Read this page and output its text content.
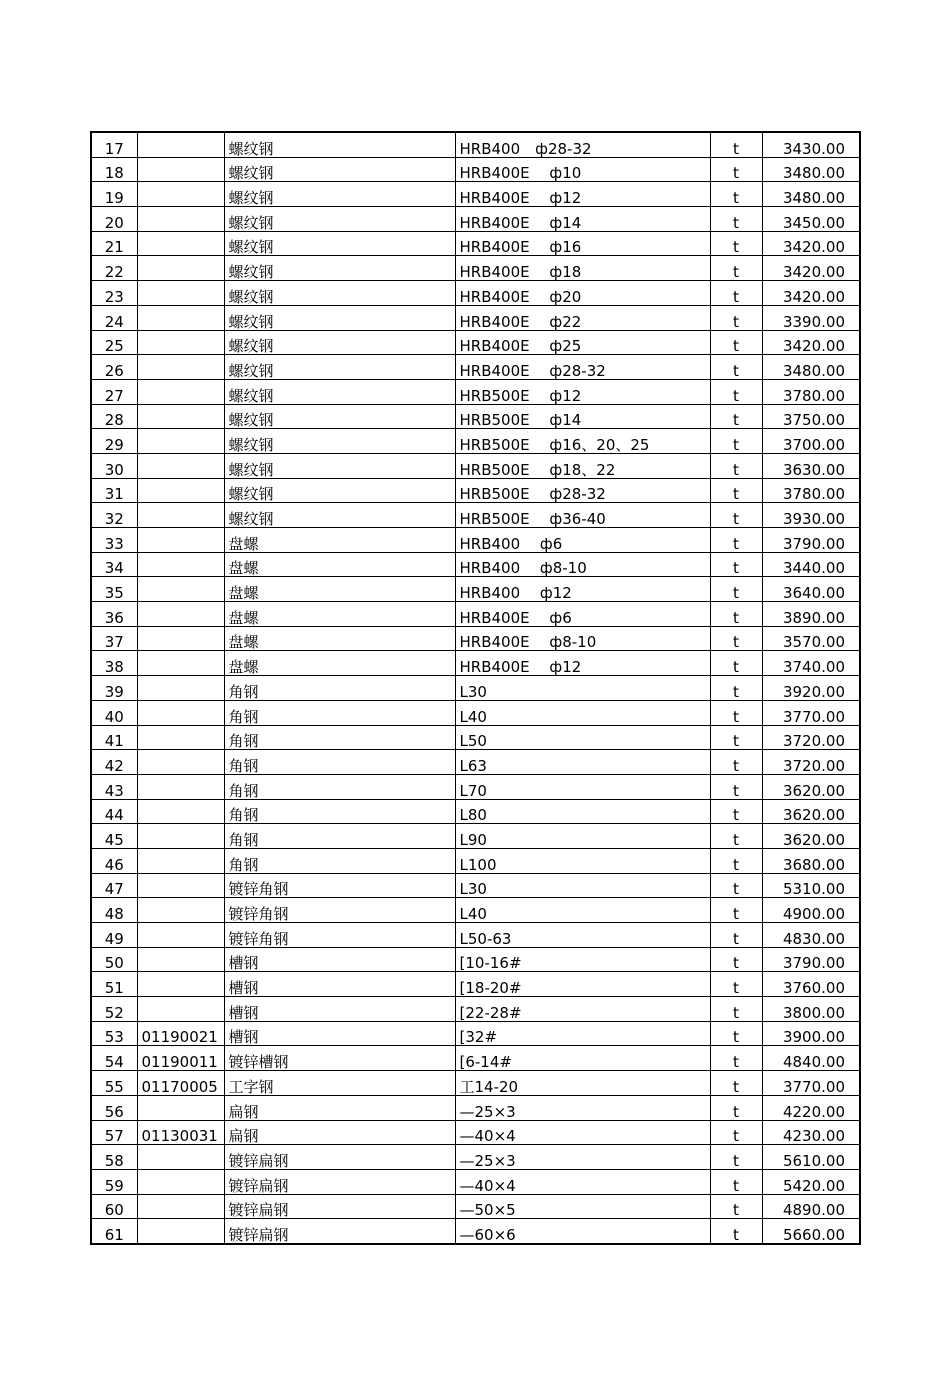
17		螺纹钢	HRB400　ф28-32	t	3430.00
18		螺纹钢	HRB400E　 ф10	t	3480.00
19		螺纹钢	HRB400E　 ф12	t	3480.00
20		螺纹钢	HRB400E　 ф14	t	3450.00
21		螺纹钢	HRB400E　 ф16	t	3420.00
22		螺纹钢	HRB400E　 ф18	t	3420.00
23		螺纹钢	HRB400E　 ф20	t	3420.00
24		螺纹钢	HRB400E　 ф22	t	3390.00
25		螺纹钢	HRB400E　 ф25	t	3420.00
26		螺纹钢	HRB400E　 ф28-32	t	3480.00
27		螺纹钢	HRB500E　 ф12	t	3780.00
28		螺纹钢	HRB500E　 ф14	t	3750.00
29		螺纹钢	HRB500E　 ф16、20、25	t	3700.00
30		螺纹钢	HRB500E　 ф18、22	t	3630.00
31		螺纹钢	HRB500E　 ф28-32	t	3780.00
32		螺纹钢	HRB500E　 ф36-40	t	3930.00
33		盘螺	HRB400　 ф6	t	3790.00
34		盘螺	HRB400　 ф8-10	t	3440.00
35		盘螺	HRB400　 ф12	t	3640.00
36		盘螺	HRB400E　 ф6	t	3890.00
37		盘螺	HRB400E　 ф8-10	t	3570.00
38		盘螺	HRB400E　 ф12	t	3740.00
39		角钢	L30	t	3920.00
40		角钢	L40	t	3770.00
41		角钢	L50	t	3720.00
42		角钢	L63	t	3720.00
43		角钢	L70	t	3620.00
44		角钢	L80	t	3620.00
45		角钢	L90	t	3620.00
46		角钢	L100	t	3680.00
47		镀锌角钢	L30	t	5310.00
48		镀锌角钢	L40	t	4900.00
49		镀锌角钢	L50-63	t	4830.00
50		槽钢	[10-16#	t	3790.00
51		槽钢	[18-20#	t	3760.00
52		槽钢	[22-28#	t	3800.00
53	01190021	槽钢	[32#	t	3900.00
54	01190011	镀锌槽钢	[6-14#	t	4840.00
55	01170005	工字钢	工14-20	t	3770.00
56		扁钢	—25×3	t	4220.00
57	01130031	扁钢	—40×4	t	4230.00
58		镀锌扁钢	—25×3	t	5610.00
59		镀锌扁钢	—40×4	t	5420.00
60		镀锌扁钢	—50×5	t	4890.00
61		镀锌扁钢	—60×6	t	5660.00
